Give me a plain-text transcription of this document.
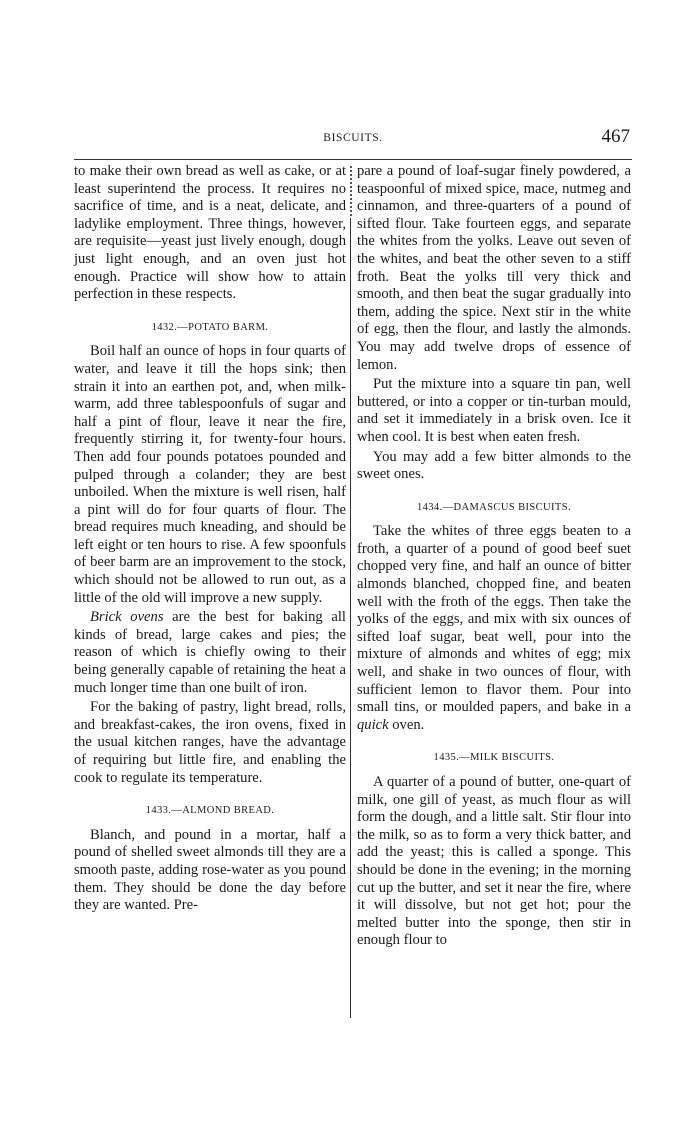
BISCUITS.	467

to make their own bread as well as cake, or at least superintend the process. It requires no sacrifice of time, and is a neat, delicate, and ladylike employment. Three things, however, are requisite—yeast just lively enough, dough just light enough, and an oven just hot enough. Practice will show how to attain perfection in these respects.

1432.—POTATO BARM.

Boil half an ounce of hops in four quarts of water, and leave it till the hops sink; then strain it into an earthen pot, and, when milk-warm, add three tablespoonfuls of sugar and half a pint of flour, leave it near the fire, frequently stirring it, for twenty-four hours. Then add four pounds potatoes pounded and pulped through a colander; they are best unboiled. When the mixture is well risen, half a pint will do for four quarts of flour. The bread requires much kneading, and should be left eight or ten hours to rise. A few spoonfuls of beer barm are an improvement to the stock, which should not be allowed to run out, as a little of the old will improve a new supply.

Brick ovens are the best for baking all kinds of bread, large cakes and pies; the reason of which is chiefly owing to their being generally capable of retaining the heat a much longer time than one built of iron.

For the baking of pastry, light bread, rolls, and breakfast-cakes, the iron ovens, fixed in the usual kitchen ranges, have the advantage of requiring but little fire, and enabling the cook to regulate its temperature.

1433.—ALMOND BREAD.

Blanch, and pound in a mortar, half a pound of shelled sweet almonds till they are a smooth paste, adding rose-water as you pound them. They should be done the day before they are wanted. Pre-

pare a pound of loaf-sugar finely powdered, a teaspoonful of mixed spice, mace, nutmeg and cinnamon, and three-quarters of a pound of sifted flour. Take fourteen eggs, and separate the whites from the yolks. Leave out seven of the whites, and beat the other seven to a stiff froth. Beat the yolks till very thick and smooth, and then beat the sugar gradually into them, adding the spice. Next stir in the white of egg, then the flour, and lastly the almonds. You may add twelve drops of essence of lemon.

Put the mixture into a square tin pan, well buttered, or into a copper or tin-turban mould, and set it immediately in a brisk oven. Ice it when cool. It is best when eaten fresh.

You may add a few bitter almonds to the sweet ones.

1434.—DAMASCUS BISCUITS.

Take the whites of three eggs beaten to a froth, a quarter of a pound of good beef suet chopped very fine, and half an ounce of bitter almonds blanched, chopped fine, and beaten well with the froth of the eggs. Then take the yolks of the eggs, and mix with six ounces of sifted loaf sugar, beat well, pour into the mixture of almonds and whites of egg; mix well, and shake in two ounces of flour, with sufficient lemon to flavor them. Pour into small tins, or moulded papers, and bake in a quick oven.

1435.—MILK BISCUITS.

A quarter of a pound of butter, one-quart of milk, one gill of yeast, as much flour as will form the dough, and a little salt. Stir flour into the milk, so as to form a very thick batter, and add the yeast; this is called a sponge. This should be done in the evening; in the morning cut up the butter, and set it near the fire, where it will dissolve, but not get hot; pour the melted butter into the sponge, then stir in enough flour to
